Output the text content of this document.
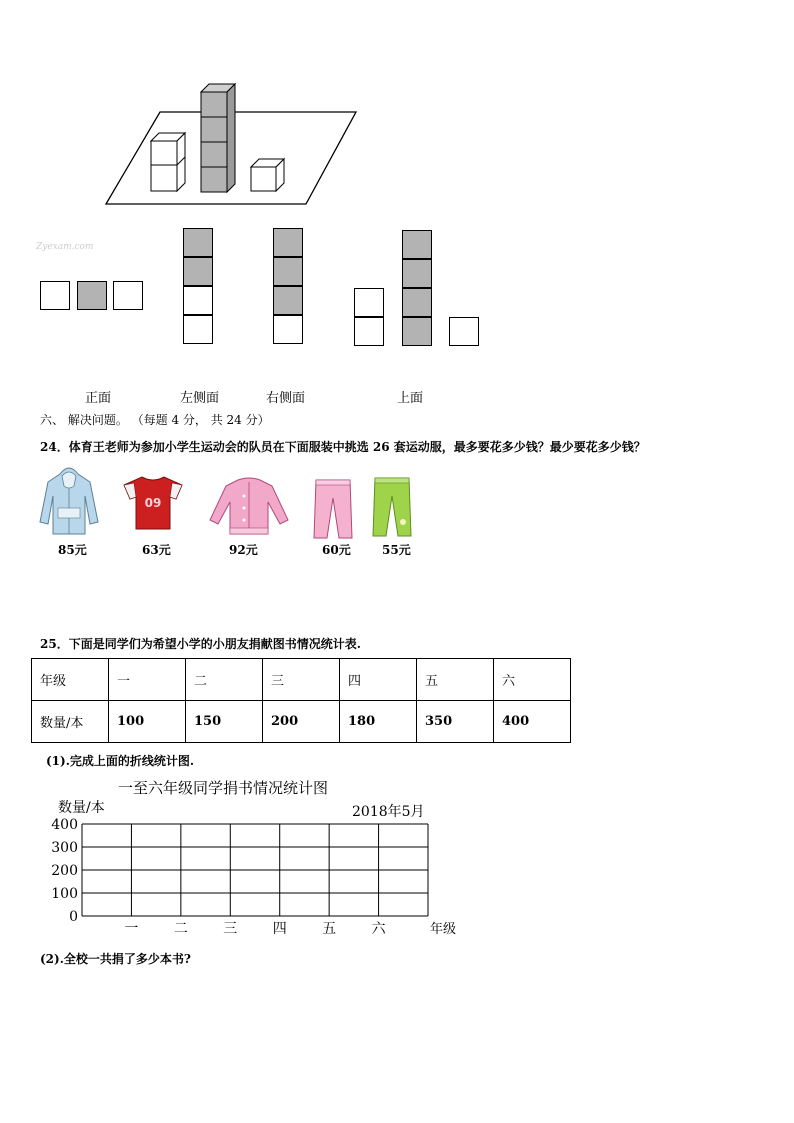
Zyexam.com
正面	左侧面	右侧面	上面
六、 解决问题。 （每题 4 分， 共 24 分）
24．体育王老师为参加小学生运动会的队员在下面服装中挑选 26 套运动服，最多要花多少钱？最少要花多少钱？
09
85元	63元	92元	60元	55元
25．下面是同学们为希望小学的小朋友捐献图书情况统计表.
年级	一	二	三	四	五	六
数量/本	100	150	200	180	350	400
(1).完成上面的折线统计图.
一至六年级同学捐书情况统计图
数量/本	2018年5月
0
100
200
300
400
一	二	三	四	五	六	年级
(2).全校一共捐了多少本书?
